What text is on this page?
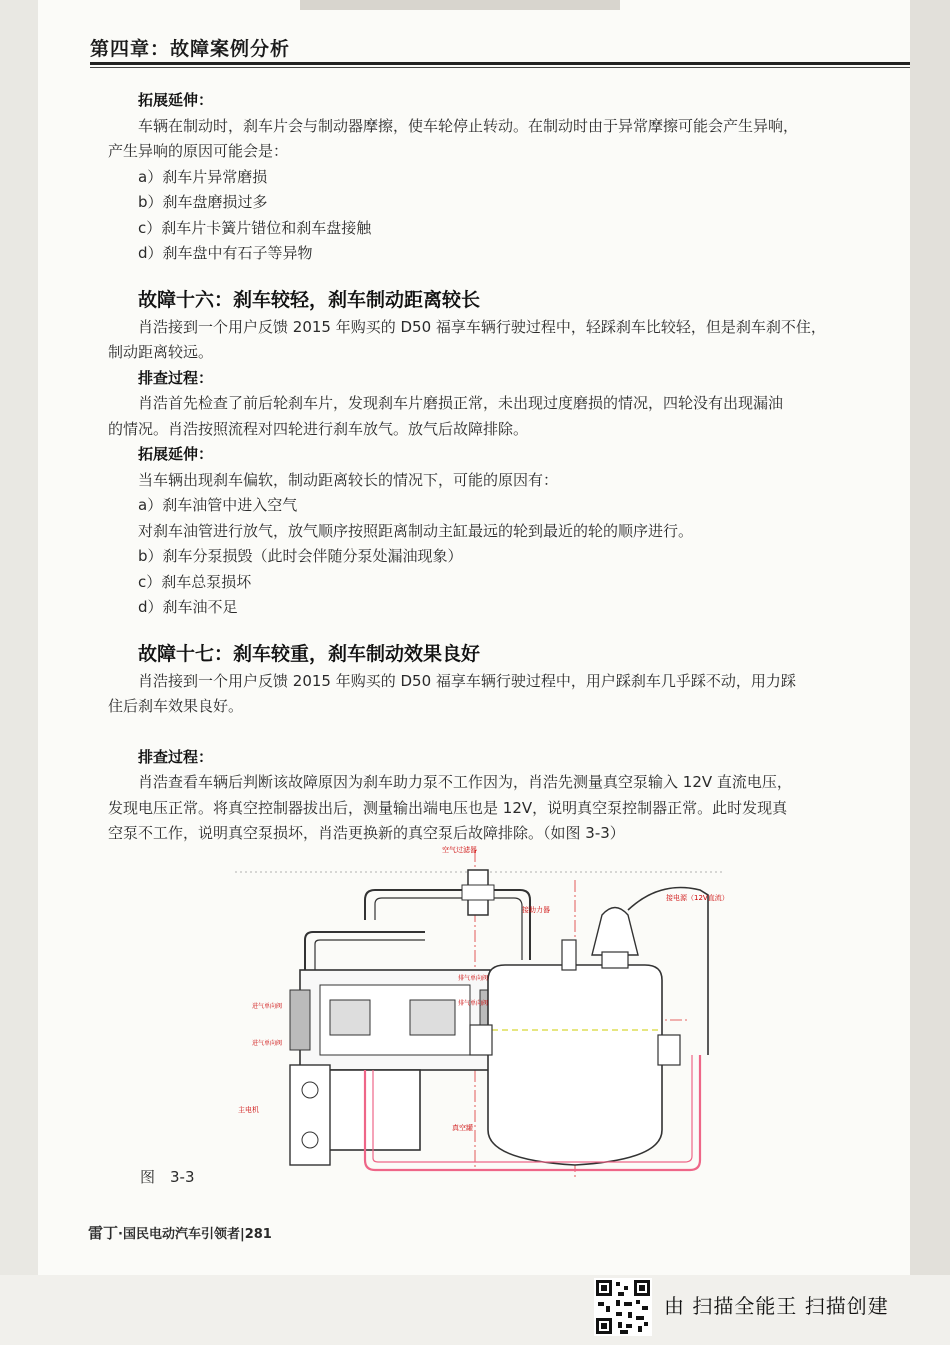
第四章：故障案例分析
拓展延伸：
车辆在制动时，刹车片会与制动器摩擦，使车轮停止转动。在制动时由于异常摩擦可能会产生异响，
产生异响的原因可能会是：
a）刹车片异常磨损
b）刹车盘磨损过多
c）刹车片卡簧片错位和刹车盘接触
d）刹车盘中有石子等异物
故障十六：刹车较轻，刹车制动距离较长
肖浩接到一个用户反馈 2015 年购买的 D50 福享车辆行驶过程中，轻踩刹车比较轻，但是刹车刹不住，
制动距离较远。
排查过程：
肖浩首先检查了前后轮刹车片，发现刹车片磨损正常，未出现过度磨损的情况，四轮没有出现漏油
的情况。肖浩按照流程对四轮进行刹车放气。放气后故障排除。
拓展延伸：
当车辆出现刹车偏软，制动距离较长的情况下，可能的原因有：
a）刹车油管中进入空气
对刹车油管进行放气，放气顺序按照距离制动主缸最远的轮到最近的轮的顺序进行。
b）刹车分泵损毁（此时会伴随分泵处漏油现象）
c）刹车总泵损坏
d）刹车油不足
故障十七：刹车较重，刹车制动效果良好
肖浩接到一个用户反馈 2015 年购买的 D50 福享车辆行驶过程中，用户踩刹车几乎踩不动，用力踩
住后刹车效果良好。
排查过程：
肖浩查看车辆后判断该故障原因为刹车助力泵不工作因为，肖浩先测量真空泵输入 12V 直流电压，
发现电压正常。将真空控制器拔出后，测量输出端电压也是 12V，说明真空泵控制器正常。此时发现真
空泵不工作，说明真空泵损坏，肖浩更换新的真空泵后故障排除。（如图 3-3）
空气过滤器
接电源（12V直流）
接助力器
排气单向阀
排气单向阀
进气单向阀
进气单向阀
主电机
真空罐
图　3-3
雷丁·国民电动汽车引领者|281
由 扫描全能王 扫描创建
